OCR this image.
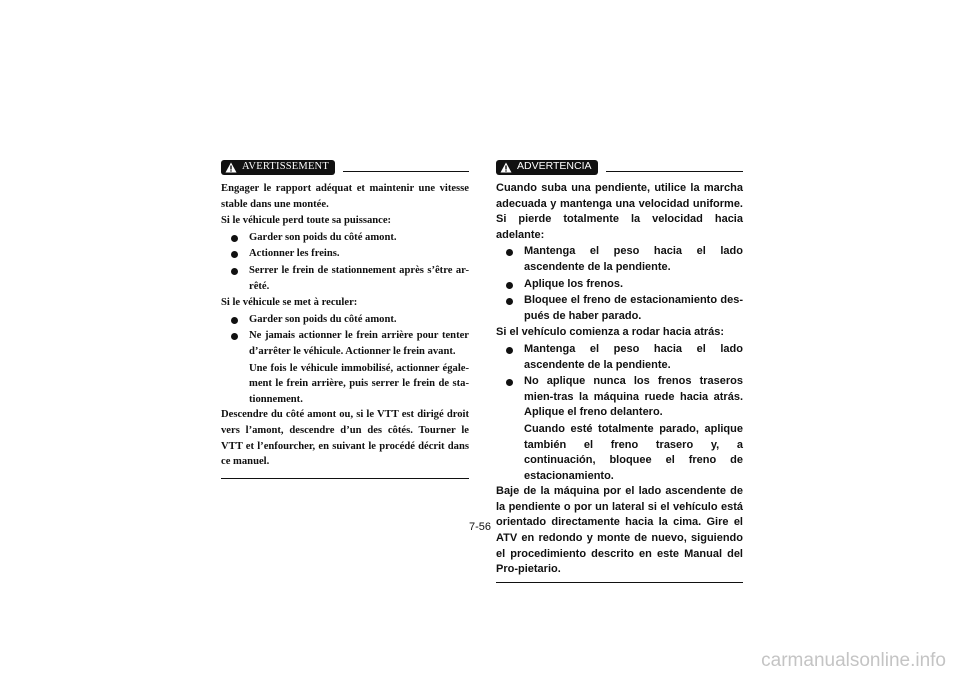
AVERTISSEMENT

Engager le rapport adéquat et maintenir une vitesse stable dans une montée.

Si le véhicule perd toute sa puissance:

Garder son poids du côté amont.
Actionner les freins.
Serrer le frein de stationnement après s’être ar-rêté.

Si le véhicule se met à reculer:

Garder son poids du côté amont.
Ne jamais actionner le frein arrière pour tenter d’arrêter le véhicule. Actionner le frein avant.
Une fois le véhicule immobilisé, actionner égale-ment le frein arrière, puis serrer le frein de sta-tionnement.

Descendre du côté amont ou, si le VTT est dirigé droit vers l’amont, descendre d’un des côtés. Tourner le VTT et l’enfourcher, en suivant le procédé décrit dans ce manuel.

ADVERTENCIA

Cuando suba una pendiente, utilice la marcha adecuada y mantenga una velocidad uniforme. Si pierde totalmente la velocidad hacia adelante:

Mantenga el peso hacia el lado ascendente de la pendiente.
Aplique los frenos.
Bloquee el freno de estacionamiento des-pués de haber parado.

Si el vehículo comienza a rodar hacia atrás:

Mantenga el peso hacia el lado ascendente de la pendiente.
No aplique nunca los frenos traseros mien-tras la máquina ruede hacia atrás. Aplique el freno delantero.
Cuando esté totalmente parado, aplique también el freno trasero y, a continuación, bloquee el freno de estacionamiento.

Baje de la máquina por el lado ascendente de la pendiente o por un lateral si el vehículo está orientado directamente hacia la cima. Gire el ATV en redondo y monte de nuevo, siguiendo el procedimiento descrito en este Manual del Pro-pietario.

7-56
carmanualsonline.info
